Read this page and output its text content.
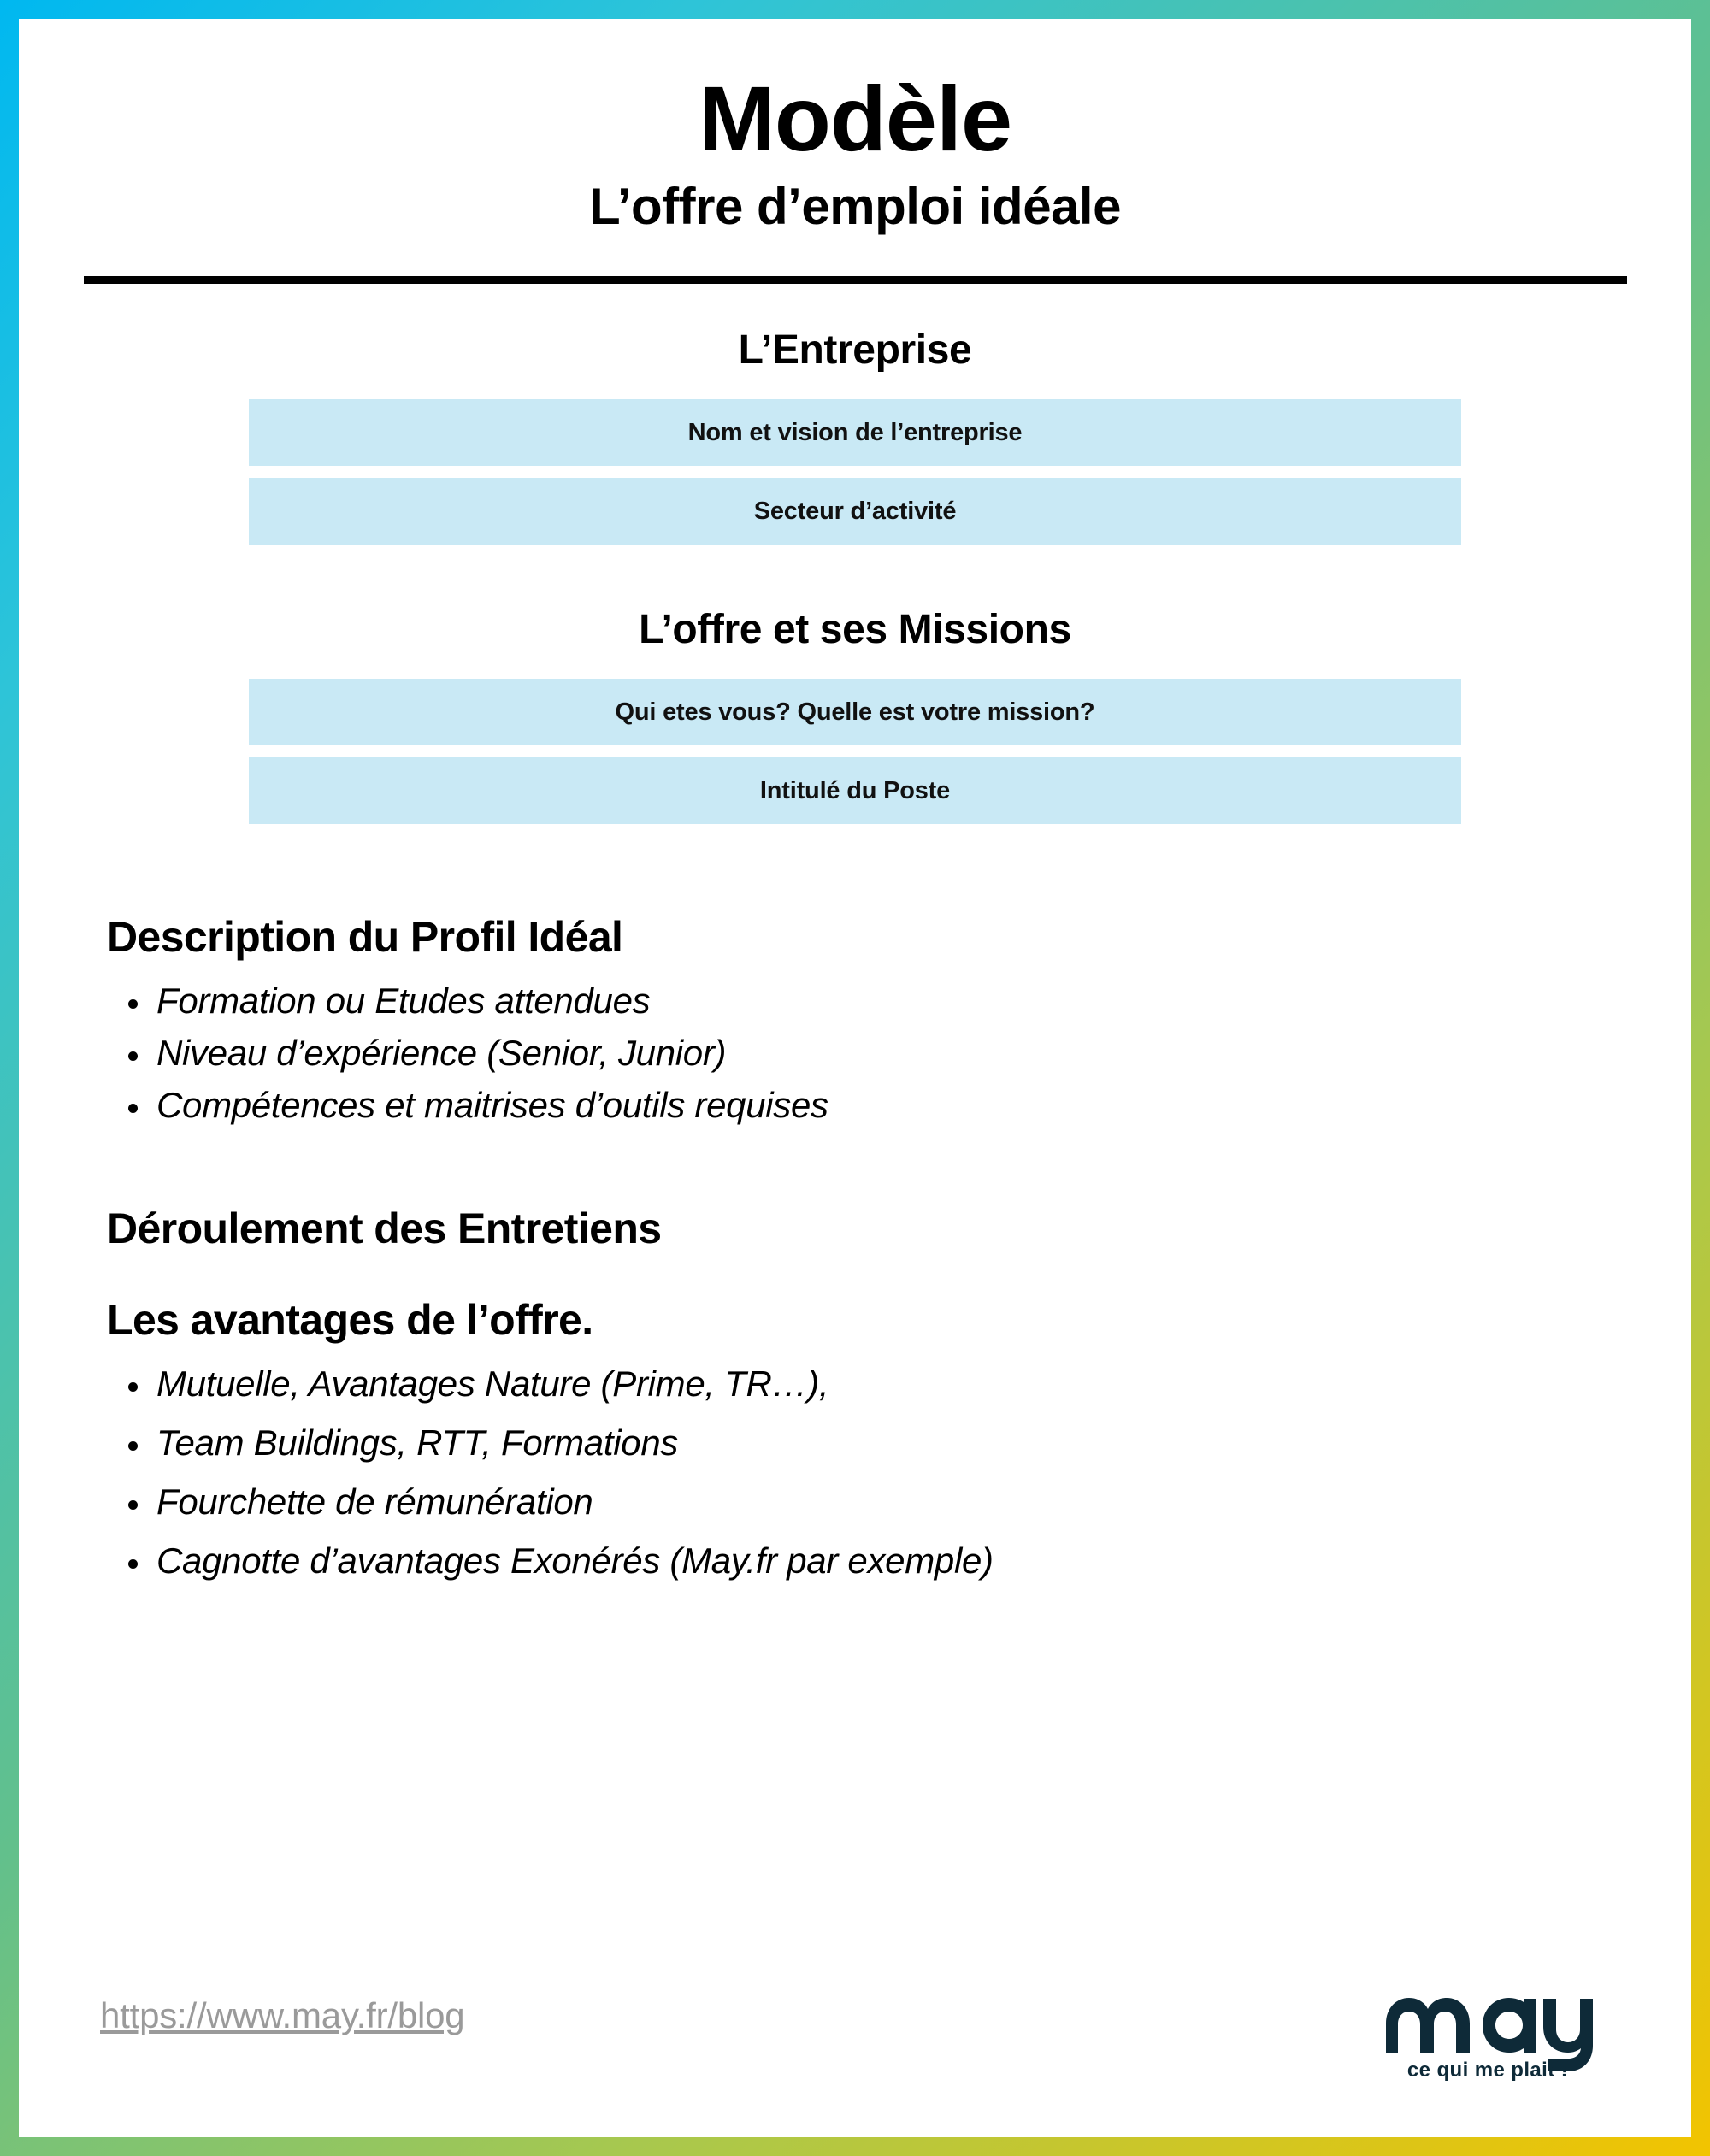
Modèle
L’offre d’emploi idéale
L’Entreprise
Nom et vision de l’entreprise
Secteur d’activité
L’offre et ses Missions
Qui etes vous? Quelle est votre mission?
Intitulé du Poste
Description du Profil Idéal
Formation ou Etudes attendues
Niveau d’expérience (Senior, Junior)
Compétences et maitrises d’outils requises
Déroulement des Entretiens
Les avantages de l’offre.
Mutuelle, Avantages Nature (Prime, TR…),
Team Buildings, RTT, Formations
Fourchette de rémunération
Cagnotte d’avantages Exonérés (May.fr par exemple)
https://www.may.fr/blog
ce qui me plait !
